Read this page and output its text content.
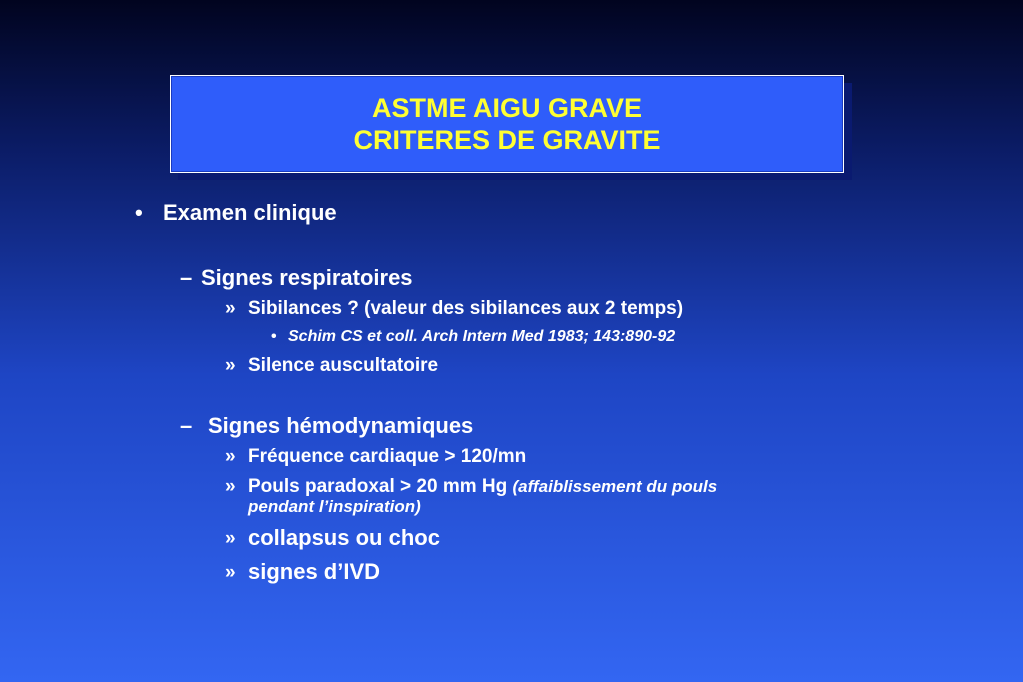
ASTME AIGU GRAVE
CRITERES DE GRAVITE
• Examen clinique
– Signes respiratoires
» Sibilances ? (valeur des sibilances aux 2 temps)
• Schim CS et coll. Arch Intern Med 1983; 143:890-92
» Silence auscultatoire
– Signes hémodynamiques
» Fréquence cardiaque > 120/mn
» Pouls paradoxal > 20 mm Hg (affaiblissement du pouls
pendant l’inspiration)
» collapsus ou choc
» signes d’IVD
